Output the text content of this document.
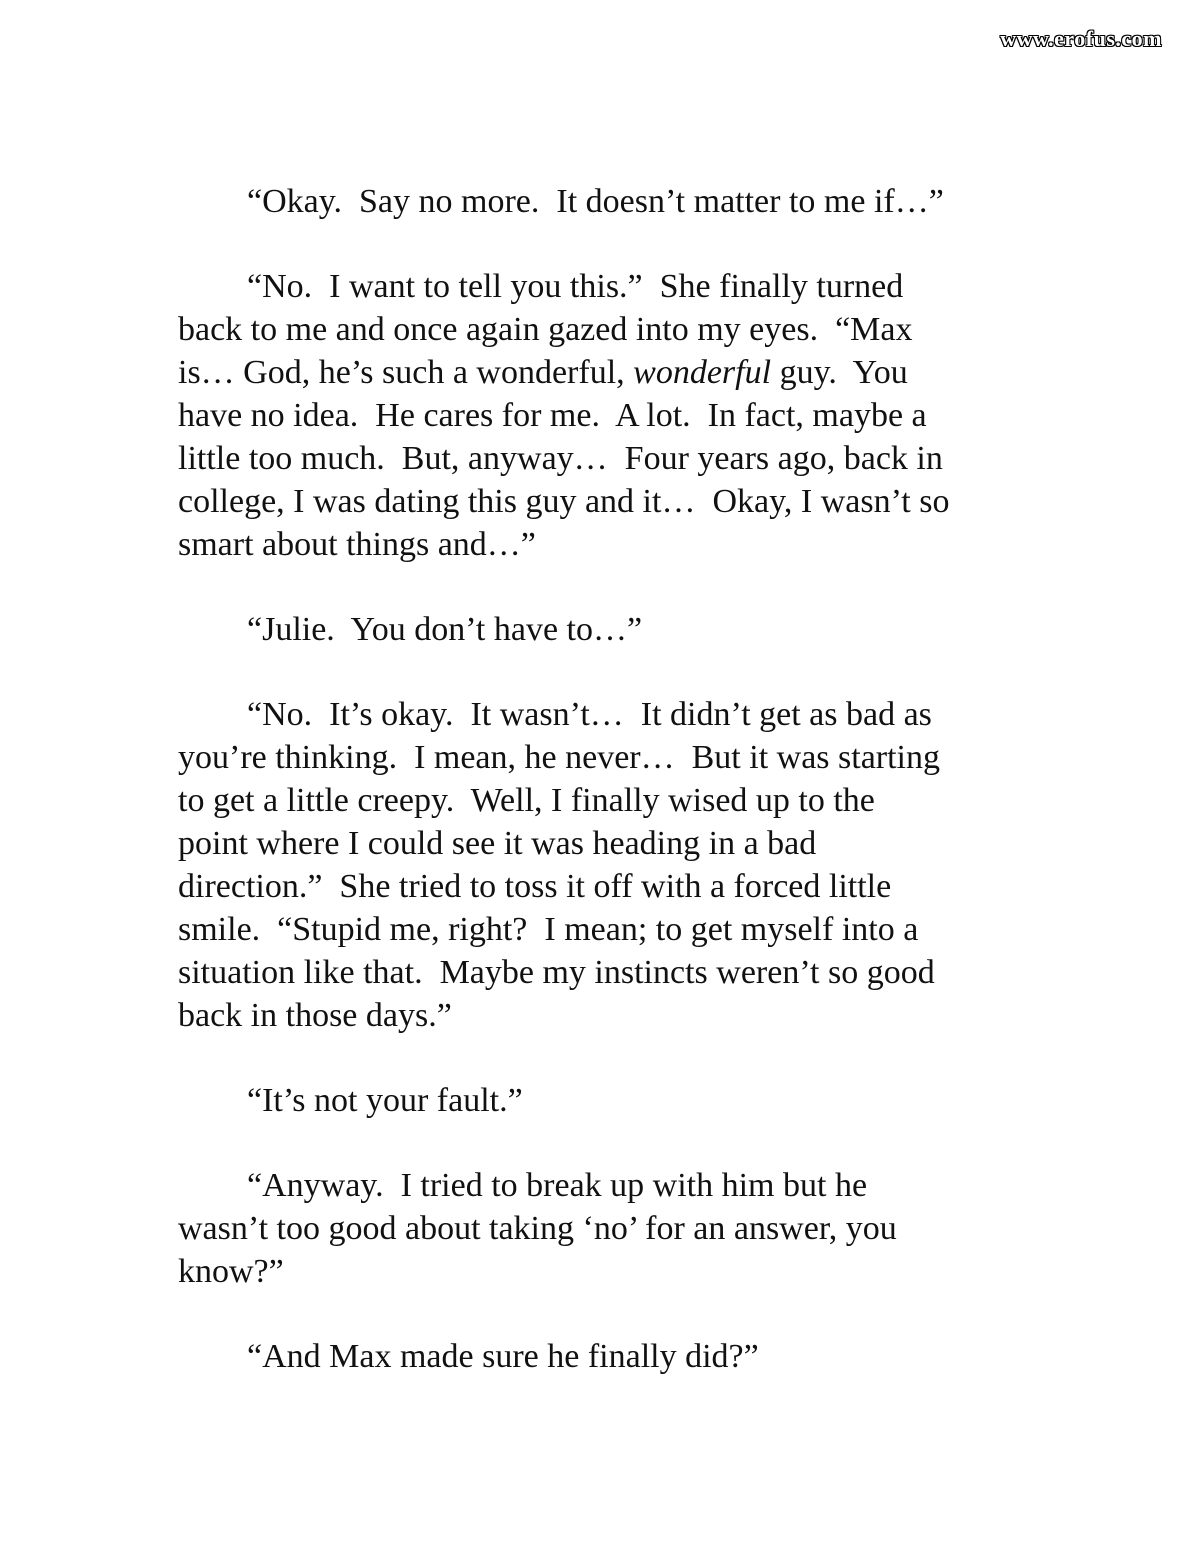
www.erofus.com

“Okay.  Say no more.  It doesn’t matter to me if…”

“No.  I want to tell you this.”  She finally turned
back to me and once again gazed into my eyes.  “Max
is… God, he’s such a wonderful, wonderful guy.  You
have no idea.  He cares for me.  A lot.  In fact, maybe a
little too much.  But, anyway…  Four years ago, back in
college, I was dating this guy and it…  Okay, I wasn’t so
smart about things and…”

“Julie.  You don’t have to…”

“No.  It’s okay.  It wasn’t…  It didn’t get as bad as
you’re thinking.  I mean, he never…  But it was starting
to get a little creepy.  Well, I finally wised up to the
point where I could see it was heading in a bad
direction.”  She tried to toss it off with a forced little
smile.  “Stupid me, right?  I mean; to get myself into a
situation like that.  Maybe my instincts weren’t so good
back in those days.”

“It’s not your fault.”

“Anyway.  I tried to break up with him but he
wasn’t too good about taking ‘no’ for an answer, you
know?”

“And Max made sure he finally did?”
